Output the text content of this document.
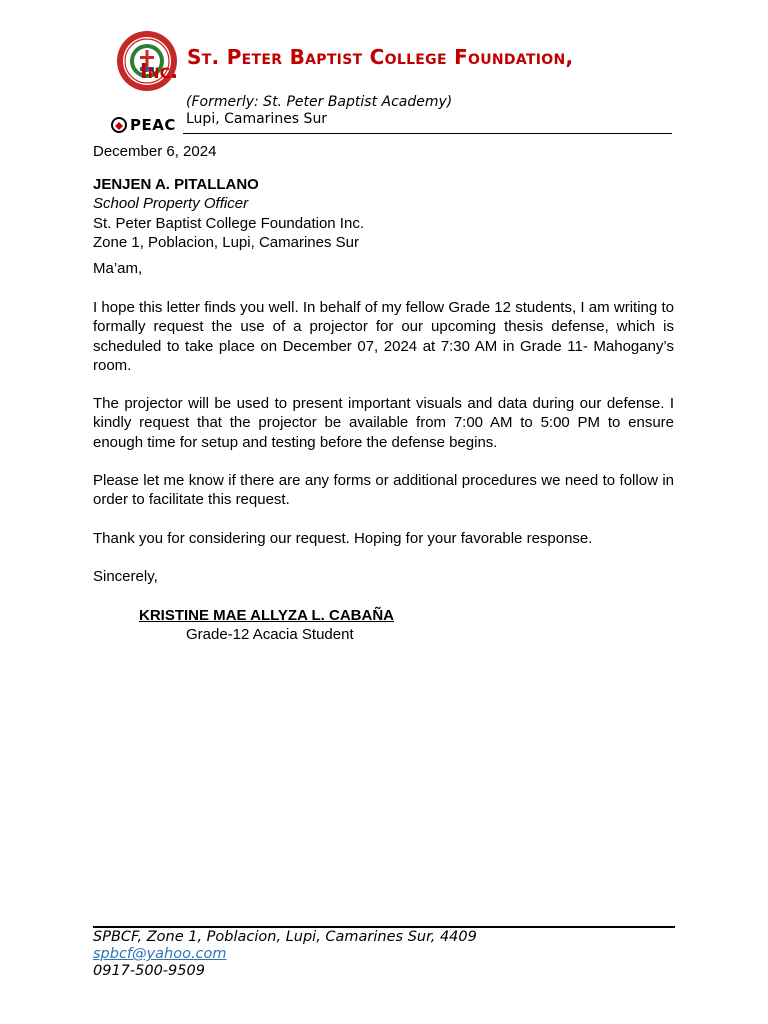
St. Peter Baptist College Foundation,
Inc.
(Formerly: St. Peter Baptist Academy)
Lupi, Camarines Sur
PEAC
December 6, 2024
JENJEN A. PITALLANO
School Property Officer
St. Peter Baptist College Foundation Inc.
Zone 1, Poblacion, Lupi, Camarines Sur
Ma’am,
I hope this letter finds you well. In behalf of my fellow Grade 12 students, I am writing to formally request the use of a projector for our upcoming thesis defense, which is scheduled to take place on December 07, 2024 at 7:30 AM in Grade 11- Mahogany’s room.
The projector will be used to present important visuals and data during our defense. I kindly request that the projector be available from 7:00 AM to 5:00 PM to ensure enough time for setup and testing before the defense begins.
Please let me know if there are any forms or additional procedures we need to follow in order to facilitate this request.
Thank you for considering our request. Hoping for your favorable response.
Sincerely,
KRISTINE MAE ALLYZA L. CABAÑA
Grade-12 Acacia Student
SPBCF, Zone 1, Poblacion, Lupi, Camarines Sur, 4409
spbcf@yahoo.com
0917-500-9509
